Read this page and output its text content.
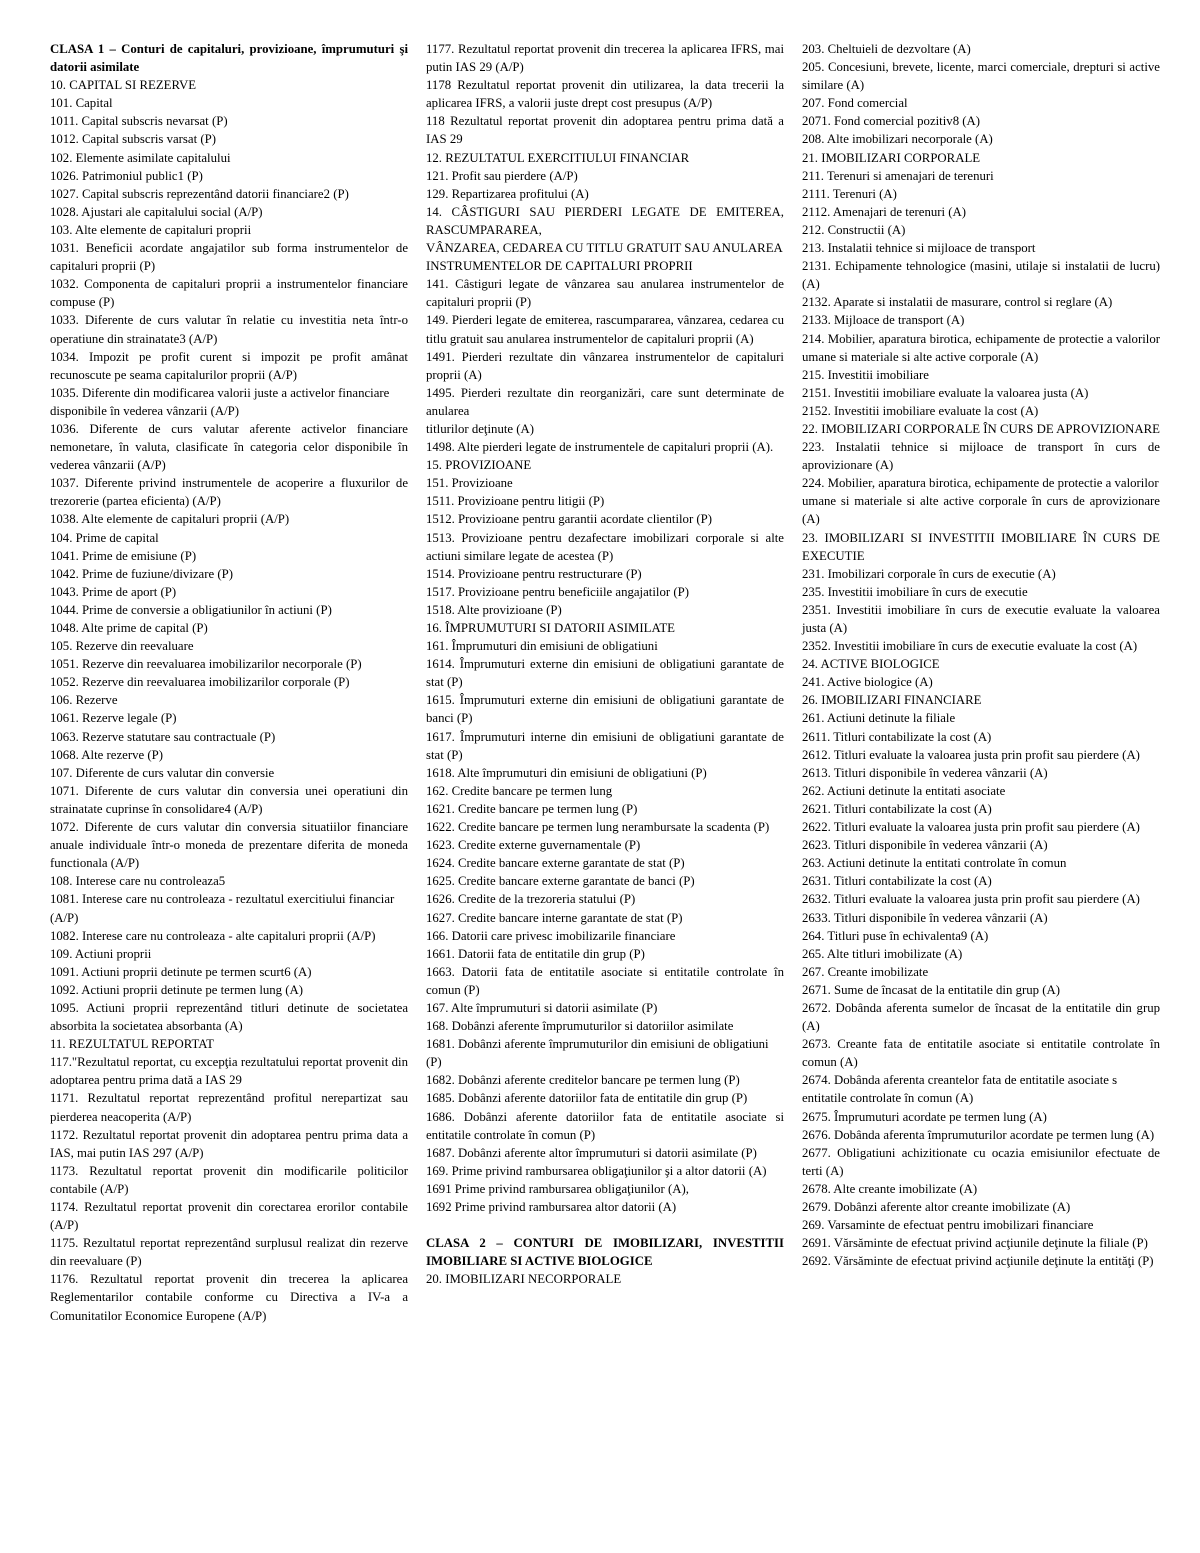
CLASA 1 – Conturi de capitaluri, provizioane, împrumuturi şi datorii asimilate

10. CAPITAL SI REZERVE

101. Capital

1011. Capital subscris nevarsat (P)

1012. Capital subscris varsat (P)

102. Elemente asimilate capitalului

1026. Patrimoniul public1 (P)

1027. Capital subscris reprezentând datorii financiare2 (P)

1028. Ajustari ale capitalului social (A/P)

103. Alte elemente de capitaluri proprii

1031. Beneficii acordate angajatilor sub forma instrumentelor de capitaluri proprii (P)

1032. Componenta de capitaluri proprii a instrumentelor financiare compuse (P)

1033. Diferente de curs valutar în relatie cu investitia neta într-o operatiune din strainatate3 (A/P)

1034. Impozit pe profit curent si impozit pe profit amânat recunoscute pe seama capitalurilor proprii (A/P)

1035. Diferente din modificarea valorii juste a activelor financiare

disponibile în vederea vânzarii (A/P)

1036. Diferente de curs valutar aferente activelor financiare nemonetare, în valuta, clasificate în categoria celor disponibile în vederea vânzarii (A/P)

1037. Diferente privind instrumentele de acoperire a fluxurilor de trezorerie (partea eficienta) (A/P)

1038. Alte elemente de capitaluri proprii (A/P)

104. Prime de capital

1041. Prime de emisiune (P)

1042. Prime de fuziune/divizare (P)

1043. Prime de aport (P)

1044. Prime de conversie a obligatiunilor în actiuni (P)

1048. Alte prime de capital (P)

105. Rezerve din reevaluare

1051. Rezerve din reevaluarea imobilizarilor necorporale (P)

1052. Rezerve din reevaluarea imobilizarilor corporale (P)

106. Rezerve

1061. Rezerve legale (P)

1063. Rezerve statutare sau contractuale (P)

1068. Alte rezerve (P)

107. Diferente de curs valutar din conversie

1071. Diferente de curs valutar din conversia unei operatiuni din strainatate cuprinse în consolidare4 (A/P)

1072. Diferente de curs valutar din conversia situatiilor financiare anuale individuale într-o moneda de prezentare diferita de moneda functionala (A/P)

108. Interese care nu controleaza5

1081. Interese care nu controleaza - rezultatul exercitiului financiar

(A/P)

1082. Interese care nu controleaza - alte capitaluri proprii (A/P)

109. Actiuni proprii

1091. Actiuni proprii detinute pe termen scurt6 (A)

1092. Actiuni proprii detinute pe termen lung (A)

1095. Actiuni proprii reprezentând titluri detinute de societatea absorbita la societatea absorbanta (A)

11. REZULTATUL REPORTAT

117."Rezultatul reportat, cu excepţia rezultatului reportat provenit din adoptarea pentru prima dată a IAS 29

1171. Rezultatul reportat reprezentând profitul nerepartizat sau pierderea neacoperita (A/P)

1172. Rezultatul reportat provenit din adoptarea pentru prima data a IAS, mai putin IAS 297 (A/P)

1173. Rezultatul reportat provenit din modificarile politicilor contabile (A/P)

1174. Rezultatul reportat provenit din corectarea erorilor contabile (A/P)

1175. Rezultatul reportat reprezentând surplusul realizat din rezerve din reevaluare (P)

1176. Rezultatul reportat provenit din trecerea la aplicarea Reglementarilor contabile conforme cu Directiva a IV-a a Comunitatilor Economice Europene (A/P)

1177. Rezultatul reportat provenit din trecerea la aplicarea IFRS, mai putin IAS 29 (A/P)

1178 Rezultatul reportat provenit din utilizarea, la data trecerii la aplicarea IFRS, a valorii juste drept cost presupus (A/P)

118 Rezultatul reportat provenit din adoptarea pentru prima dată a IAS 29

12. REZULTATUL EXERCITIULUI FINANCIAR

121. Profit sau pierdere (A/P)

129. Repartizarea profitului (A)

14. CÂSTIGURI SAU PIERDERI LEGATE DE EMITEREA, RASCUMPARAREA,

VÂNZAREA, CEDAREA CU TITLU GRATUIT SAU ANULAREA

INSTRUMENTELOR DE CAPITALURI PROPRII

141. Câstiguri legate de vânzarea sau anularea instrumentelor de capitaluri proprii (P)

149. Pierderi legate de emiterea, rascumpararea, vânzarea, cedarea cu titlu gratuit sau anularea instrumentelor de capitaluri proprii (A)

1491. Pierderi rezultate din vânzarea instrumentelor de capitaluri proprii (A)

1495. Pierderi rezultate din reorganizări, care sunt determinate de anularea

titlurilor deţinute (A)

1498. Alte pierderi legate de instrumentele de capitaluri proprii (A).

15. PROVIZIOANE

151. Provizioane

1511. Provizioane pentru litigii (P)

1512. Provizioane pentru garantii acordate clientilor (P)

1513. Provizioane pentru dezafectare imobilizari corporale si alte actiuni similare legate de acestea (P)

1514. Provizioane pentru restructurare (P)

1517. Provizioane pentru beneficiile angajatilor (P)

1518. Alte provizioane (P)

16. ÎMPRUMUTURI SI DATORII ASIMILATE

161. Împrumuturi din emisiuni de obligatiuni

1614. Împrumuturi externe din emisiuni de obligatiuni garantate de stat (P)

1615. Împrumuturi externe din emisiuni de obligatiuni garantate de banci (P)

1617. Împrumuturi interne din emisiuni de obligatiuni garantate de stat (P)

1618. Alte împrumuturi din emisiuni de obligatiuni (P)

162. Credite bancare pe termen lung

1621. Credite bancare pe termen lung (P)

1622. Credite bancare pe termen lung nerambursate la scadenta (P)

1623. Credite externe guvernamentale (P)

1624. Credite bancare externe garantate de stat (P)

1625. Credite bancare externe garantate de banci (P)

1626. Credite de la trezoreria statului (P)

1627. Credite bancare interne garantate de stat (P)

166. Datorii care privesc imobilizarile financiare

1661. Datorii fata de entitatile din grup (P)

1663. Datorii fata de entitatile asociate si entitatile controlate în comun (P)

167. Alte împrumuturi si datorii asimilate (P)

168. Dobânzi aferente împrumuturilor si datoriilor asimilate

1681. Dobânzi aferente împrumuturilor din emisiuni de obligatiuni

(P)

1682. Dobânzi aferente creditelor bancare pe termen lung (P)

1685. Dobânzi aferente datoriilor fata de entitatile din grup (P)

1686. Dobânzi aferente datoriilor fata de entitatile asociate si entitatile controlate în comun (P)

1687. Dobânzi aferente altor împrumuturi si datorii asimilate (P)

169. Prime privind rambursarea obligaţiunilor şi a altor datorii (A)

1691 Prime privind rambursarea obligaţiunilor (A),

1692 Prime privind rambursarea altor datorii (A)

CLASA 2 – CONTURI DE IMOBILIZARI, INVESTITII IMOBILIARE SI ACTIVE BIOLOGICE

20. IMOBILIZARI NECORPORALE

203. Cheltuieli de dezvoltare (A)

205. Concesiuni, brevete, licente, marci comerciale, drepturi si active similare (A)

207. Fond comercial

2071. Fond comercial pozitiv8 (A)

208. Alte imobilizari necorporale (A)

21. IMOBILIZARI CORPORALE

211. Terenuri si amenajari de terenuri

2111. Terenuri (A)

2112. Amenajari de terenuri (A)

212. Constructii (A)

213. Instalatii tehnice si mijloace de transport

2131. Echipamente tehnologice (masini, utilaje si instalatii de lucru) (A)

2132. Aparate si instalatii de masurare, control si reglare (A)

2133. Mijloace de transport (A)

214. Mobilier, aparatura birotica, echipamente de protectie a valorilor umane si materiale si alte active corporale (A)

215. Investitii imobiliare

2151. Investitii imobiliare evaluate la valoarea justa (A)

2152. Investitii imobiliare evaluate la cost (A)

22. IMOBILIZARI CORPORALE ÎN CURS DE APROVIZIONARE

223. Instalatii tehnice si mijloace de transport în curs de aprovizionare (A)

224. Mobilier, aparatura birotica, echipamente de protectie a valorilor

umane si materiale si alte active corporale în curs de aprovizionare (A)

23. IMOBILIZARI SI INVESTITII IMOBILIARE ÎN CURS DE EXECUTIE

231. Imobilizari corporale în curs de executie (A)

235. Investitii imobiliare în curs de executie

2351. Investitii imobiliare în curs de executie evaluate la valoarea justa (A)

2352. Investitii imobiliare în curs de executie evaluate la cost (A)

24. ACTIVE BIOLOGICE

241. Active biologice (A)

26. IMOBILIZARI FINANCIARE

261. Actiuni detinute la filiale

2611. Titluri contabilizate la cost (A)

2612. Titluri evaluate la valoarea justa prin profit sau pierdere (A)

2613. Titluri disponibile în vederea vânzarii (A)

262. Actiuni detinute la entitati asociate

2621. Titluri contabilizate la cost (A)

2622. Titluri evaluate la valoarea justa prin profit sau pierdere (A)

2623. Titluri disponibile în vederea vânzarii (A)

263. Actiuni detinute la entitati controlate în comun

2631. Titluri contabilizate la cost (A)

2632. Titluri evaluate la valoarea justa prin profit sau pierdere (A)

2633. Titluri disponibile în vederea vânzarii (A)

264. Titluri puse în echivalenta9 (A)

265. Alte titluri imobilizate (A)

267. Creante imobilizate

2671. Sume de încasat de la entitatile din grup (A)

2672. Dobânda aferenta sumelor de încasat de la entitatile din grup (A)

2673. Creante fata de entitatile asociate si entitatile controlate în comun (A)

2674. Dobânda aferenta creantelor fata de entitatile asociate s

entitatile controlate în comun (A)

2675. Împrumuturi acordate pe termen lung (A)

2676. Dobânda aferenta împrumuturilor acordate pe termen lung (A)

2677. Obligatiuni achizitionate cu ocazia emisiunilor efectuate de terti (A)

2678. Alte creante imobilizate (A)

2679. Dobânzi aferente altor creante imobilizate (A)

269. Varsaminte de efectuat pentru imobilizari financiare

2691. Vărsăminte de efectuat privind acţiunile deţinute la filiale (P)

2692. Vărsăminte de efectuat privind acţiunile deţinute la entităţi (P)
